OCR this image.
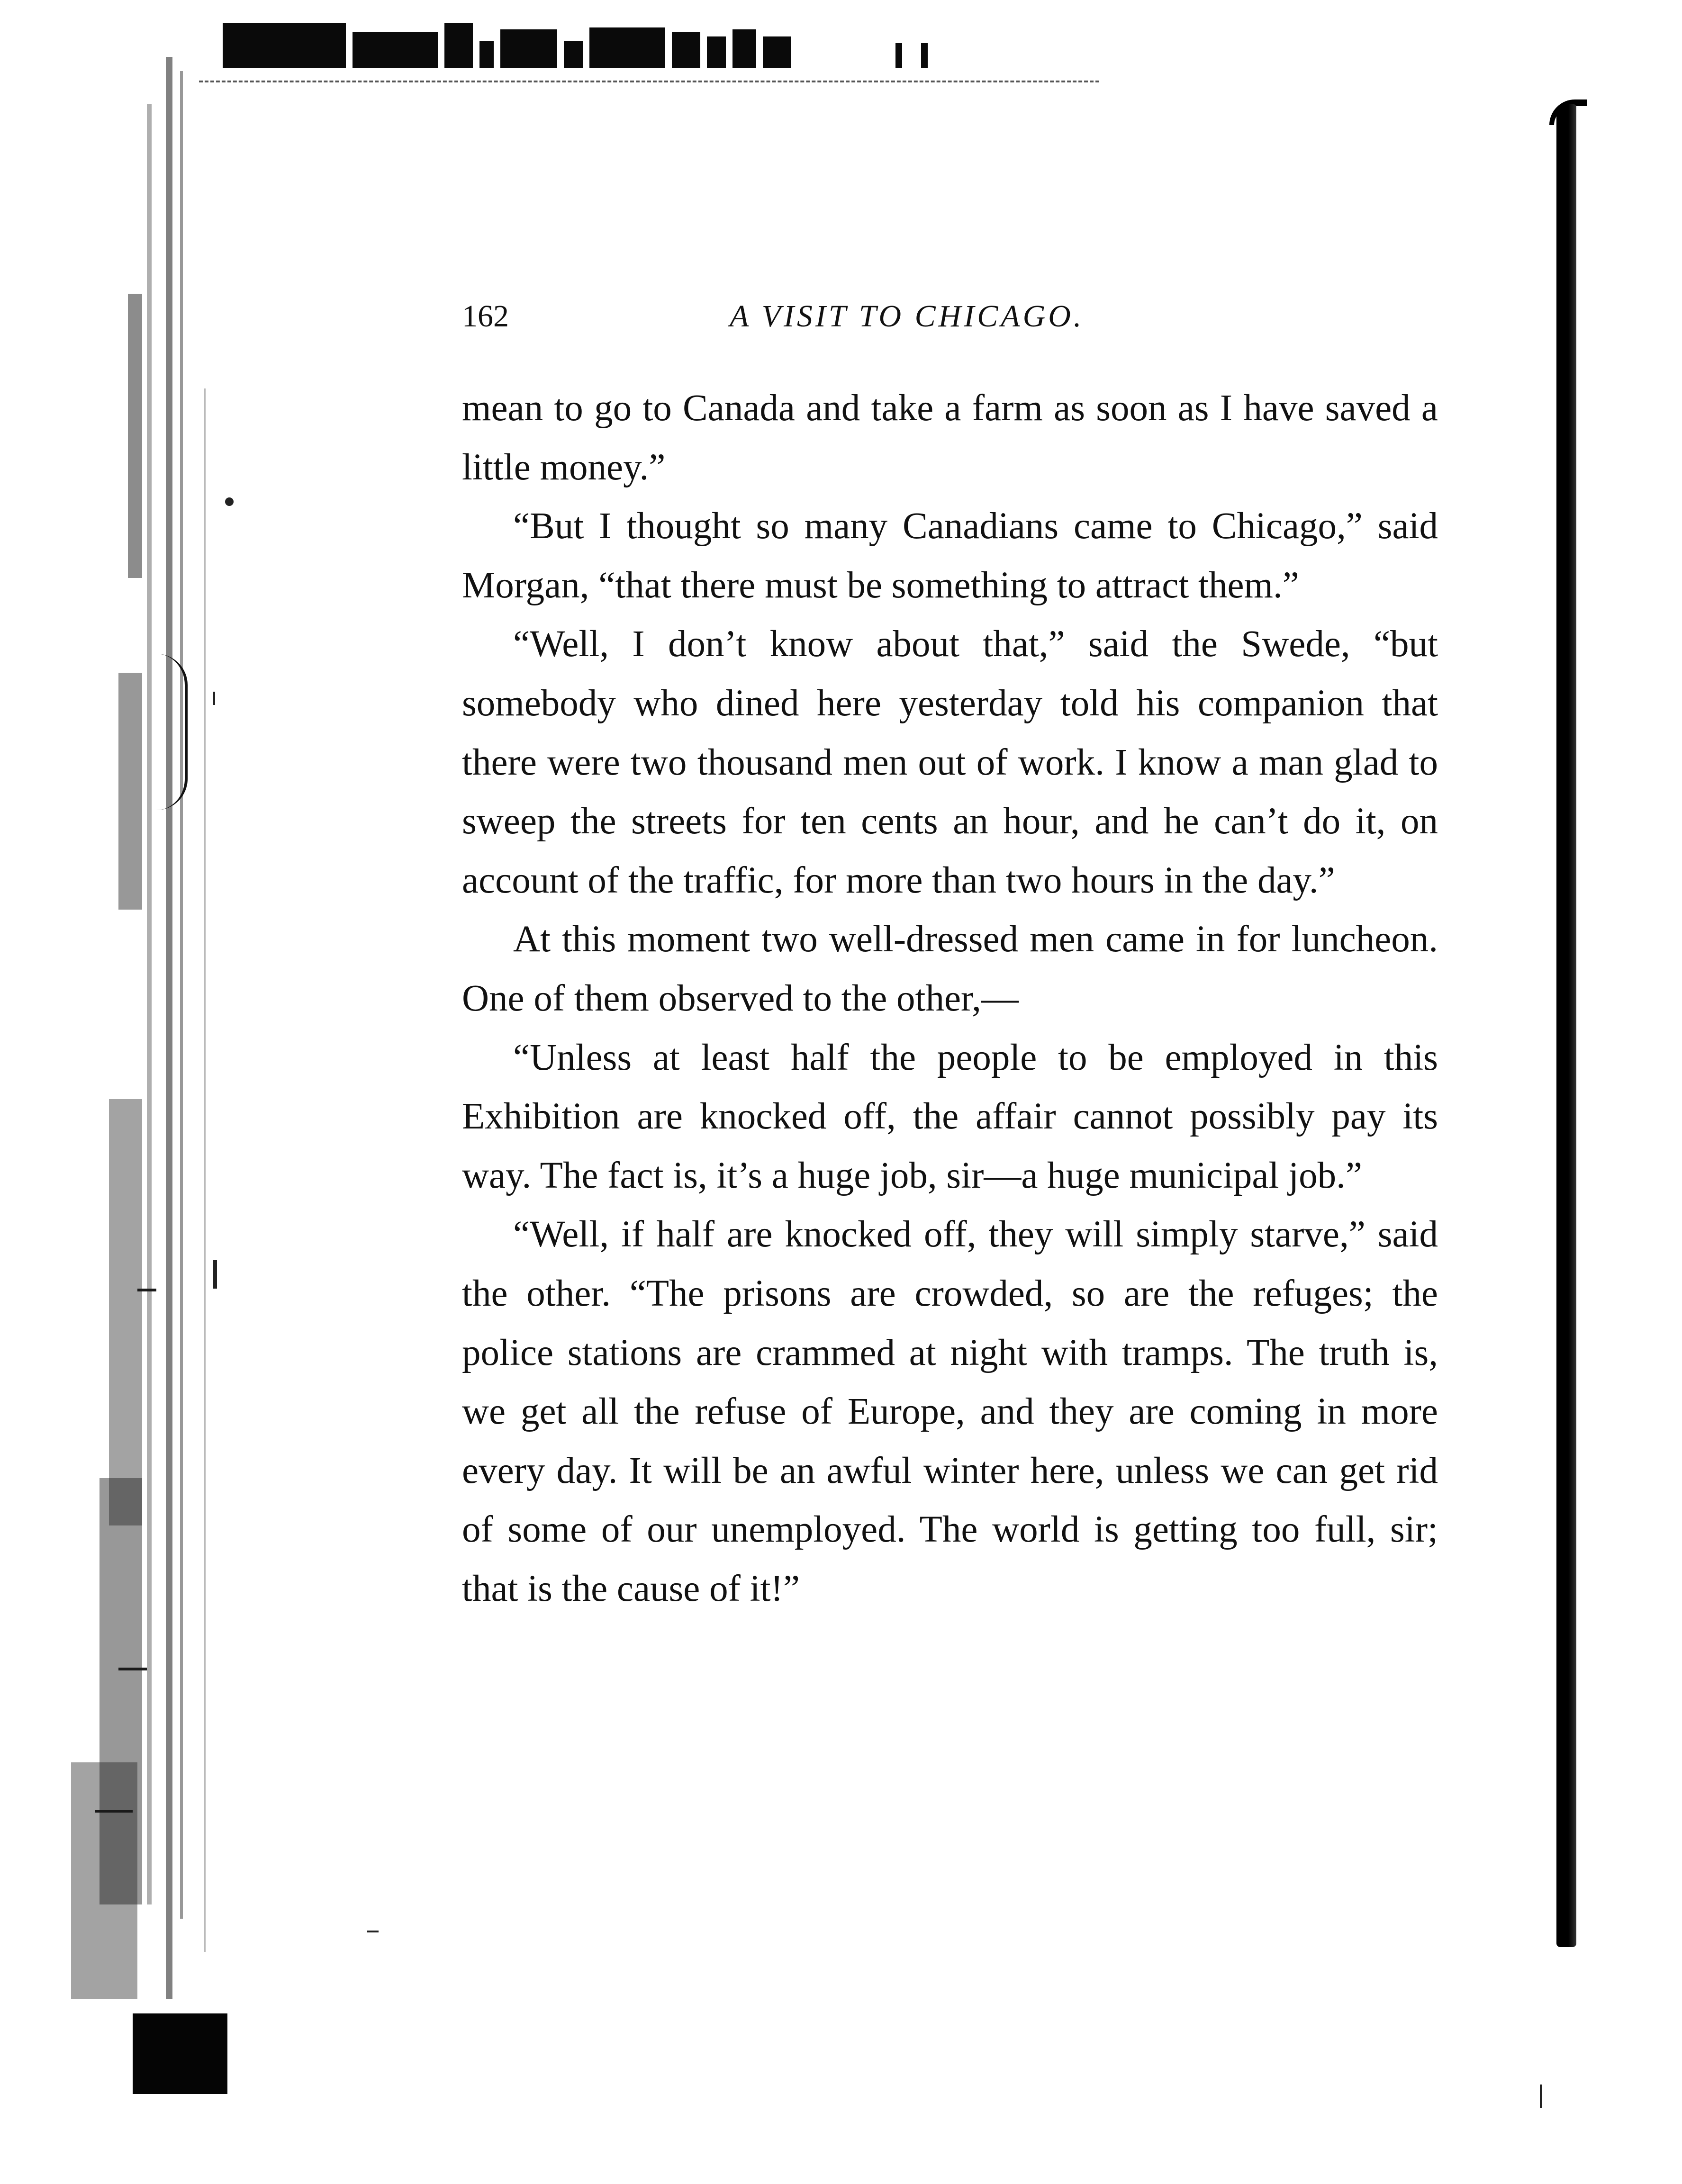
162	A VISIT TO CHICAGO.

mean to go to Canada and take a farm as soon as I have saved a little money.”

“But I thought so many Canadians came to Chicago,” said Morgan, “that there must be something to attract them.”

“Well, I don’t know about that,” said the Swede, “but somebody who dined here yesterday told his companion that there were two thousand men out of work. I know a man glad to sweep the streets for ten cents an hour, and he can’t do it, on account of the traffic, for more than two hours in the day.”

At this moment two well-dressed men came in for luncheon. One of them observed to the other,—

“Unless at least half the people to be employed in this Exhibition are knocked off, the affair cannot possibly pay its way. The fact is, it’s a huge job, sir—a huge municipal job.”

“Well, if half are knocked off, they will simply starve,” said the other. “The prisons are crowded, so are the refuges; the police stations are crammed at night with tramps. The truth is, we get all the refuse of Europe, and they are coming in more every day. It will be an awful winter here, unless we can get rid of some of our unemployed. The world is getting too full, sir; that is the cause of it!”
